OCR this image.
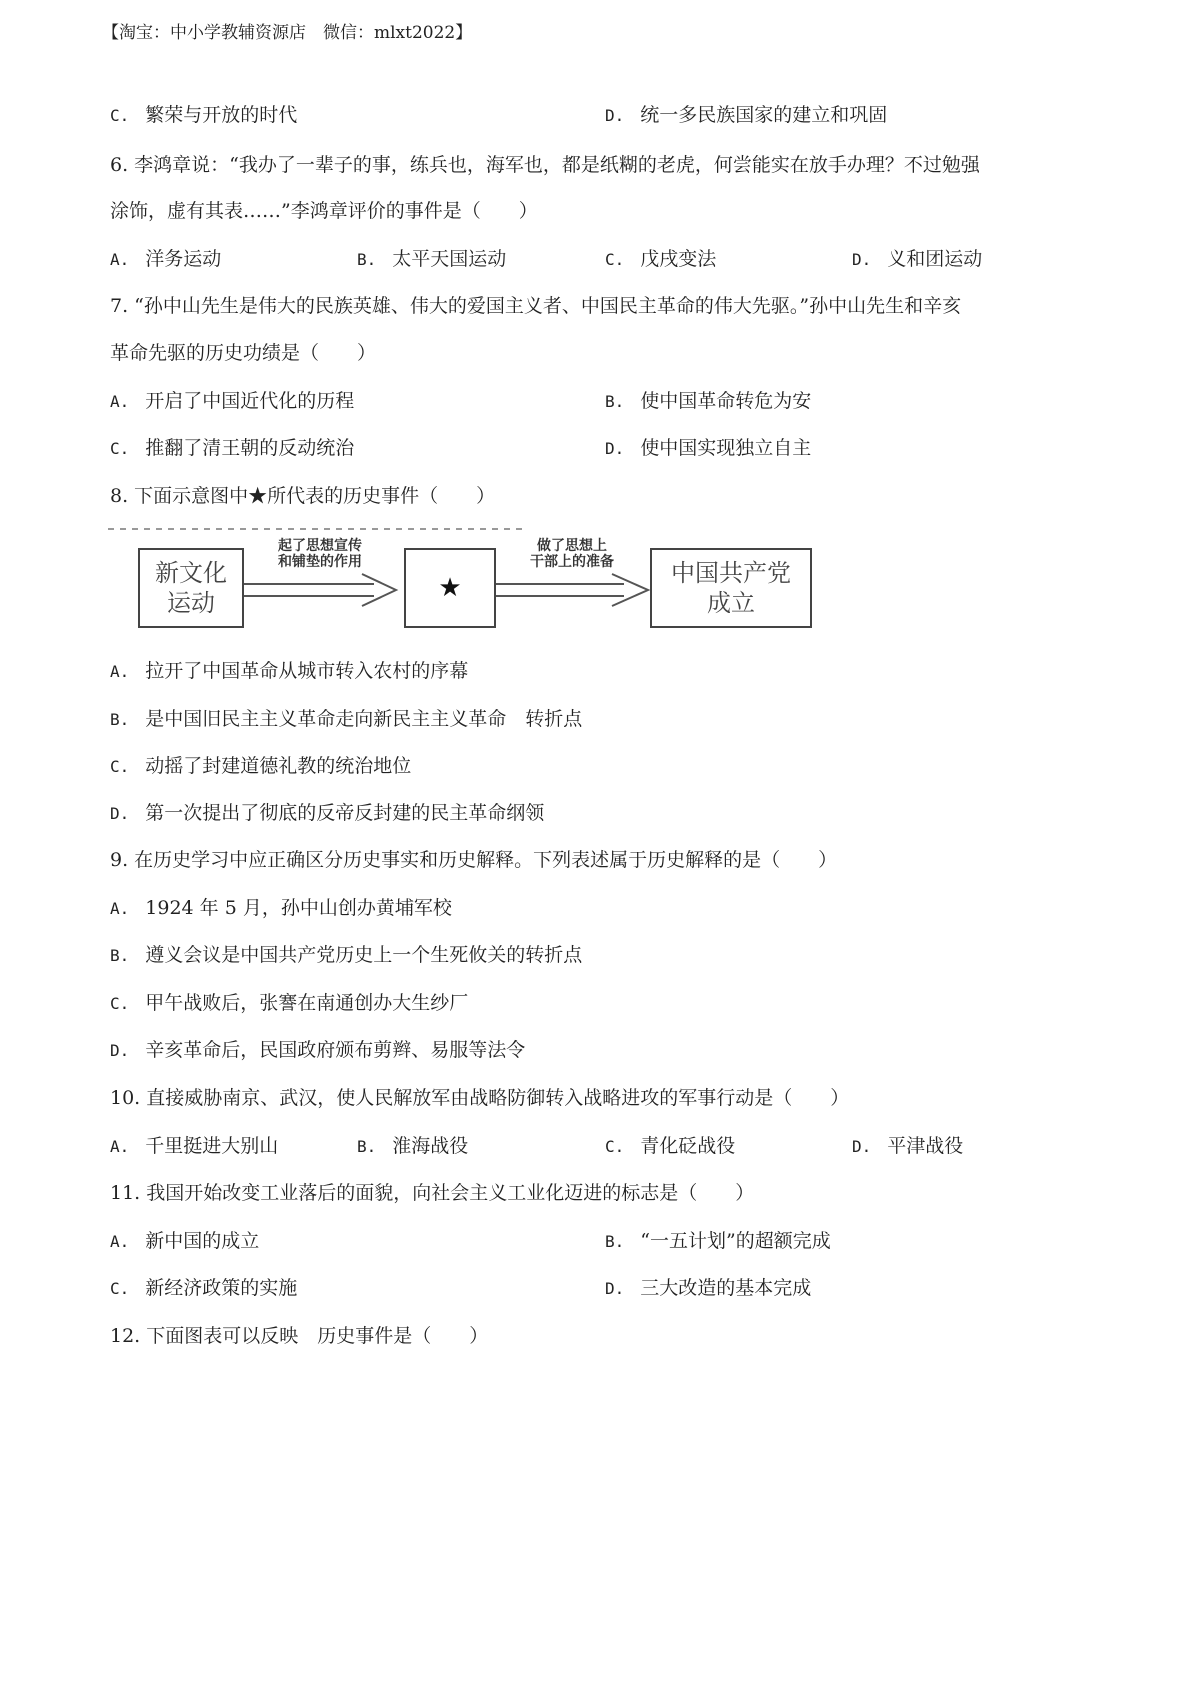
【淘宝：中小学教辅资源店　微信：mlxt2022】
C. 繁荣与开放的时代	D. 统一多民族国家的建立和巩固
6. 李鸿章说：“我办了一辈子的事，练兵也，海军也，都是纸糊的老虎，何尝能实在放手办理？不过勉强
涂饰，虚有其表……”李鸿章评价的事件是（　　）
A. 洋务运动	B. 太平天国运动	C. 戊戌变法	D. 义和团运动
7. “孙中山先生是伟大的民族英雄、伟大的爱国主义者、中国民主革命的伟大先驱。”孙中山先生和辛亥
革命先驱的历史功绩是（　　）
A. 开启了中国近代化的历程	B. 使中国革命转危为安
C. 推翻了清王朝的反动统治	D. 使中国实现独立自主
8. 下面示意图中★所代表的历史事件（　　）
新文化
运动
起了思想宣传
和铺垫的作用
★
做了思想上
干部上的准备	中国共产党
成立
A. 拉开了中国革命从城市转入农村的序幕
B. 是中国旧民主主义革命走向新民主主义革命　转折点
C. 动摇了封建道德礼教的统治地位
D. 第一次提出了彻底的反帝反封建的民主革命纲领
9. 在历史学习中应正确区分历史事实和历史解释。下列表述属于历史解释的是（　　）
A. 1924 年 5 月，孙中山创办黄埔军校
B. 遵义会议是中国共产党历史上一个生死攸关的转折点
C. 甲午战败后，张謇在南通创办大生纱厂
D. 辛亥革命后，民国政府颁布剪辫、易服等法令
10. 直接威胁南京、武汉，使人民解放军由战略防御转入战略进攻的军事行动是（　　）
A. 千里挺进大别山	B. 淮海战役	C. 青化砭战役	D. 平津战役
11. 我国开始改变工业落后的面貌，向社会主义工业化迈进的标志是（　　）
A. 新中国的成立	B. “一五计划”的超额完成
C. 新经济政策的实施	D. 三大改造的基本完成
12. 下面图表可以反映　历史事件是（　　）
